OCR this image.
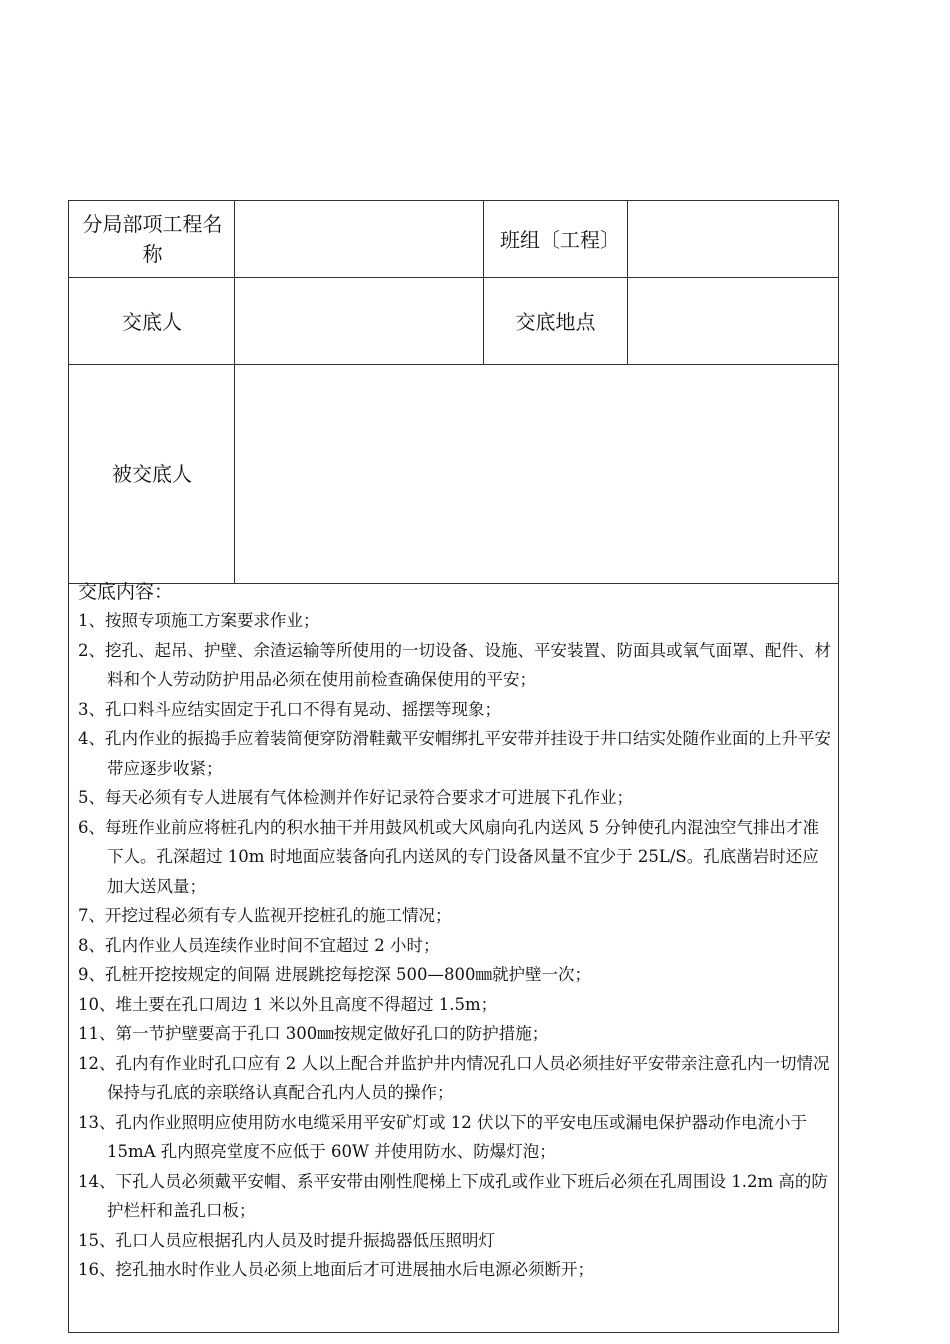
分局部项工程名称
班组〔工程〕
交底人	交底地点
被交底人
交底内容：
1、按照专项施工方案要求作业；
2、挖孔、起吊、护壁、余渣运输等所使用的一切设备、设施、平安装置、防面具或氧气面罩、配件、材料和个人劳动防护用品必须在使用前检查确保使用的平安；
3、孔口料斗应结实固定于孔口不得有晃动、摇摆等现象；
4、孔内作业的振捣手应着装简便穿防滑鞋戴平安帽绑扎平安带并挂设于井口结实处随作业面的上升平安带应逐步收紧；
5、每天必须有专人进展有气体检测并作好记录符合要求才可进展下孔作业；
6、每班作业前应将桩孔内的积水抽干并用鼓风机或大风扇向孔内送风 5 分钟使孔内混浊空气排出才准下人。孔深超过 10m 时地面应装备向孔内送风的专门设备风量不宜少于 25L/S。孔底凿岩时还应加大送风量；
7、开挖过程必须有专人监视开挖桩孔的施工情况；
8、孔内作业人员连续作业时间不宜超过 2 小时；
9、孔桩开挖按规定的间隔 进展跳挖每挖深 500—800㎜就护壁一次；
10、堆土要在孔口周边 1 米以外且高度不得超过 1.5m；
11、第一节护壁要高于孔口 300㎜按规定做好孔口的防护措施；
12、孔内有作业时孔口应有 2 人以上配合并监护井内情况孔口人员必须挂好平安带亲注意孔内一切情况保持与孔底的亲联络认真配合孔内人员的操作；
13、孔内作业照明应使用防水电缆采用平安矿灯或 12 伏以下的平安电压或漏电保护器动作电流小于 15mA 孔内照亮堂度不应低于 60W 并使用防水、防爆灯泡；
14、下孔人员必须戴平安帽、系平安带由刚性爬梯上下成孔或作业下班后必须在孔周围设 1.2m 高的防护栏杆和盖孔口板；
15、孔口人员应根据孔内人员及时提升振捣器低压照明灯
16、挖孔抽水时作业人员必须上地面后才可进展抽水后电源必须断开；
